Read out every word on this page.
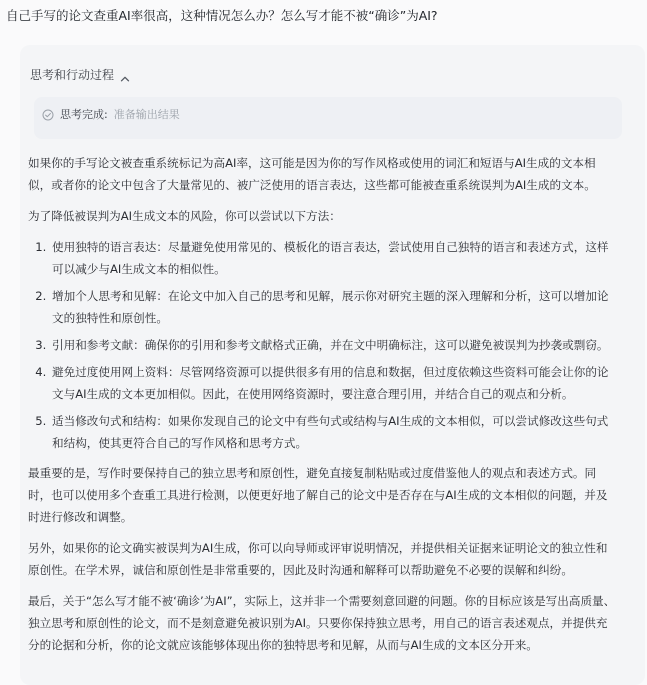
自己手写的论文查重AI率很高，这种情况怎么办？怎么写才能不被“确诊”为AI?
思考和行动过程
思考完成: 准备输出结果

如果你的手写论文被查重系统标记为高AI率，这可能是因为你的写作风格或使用的词汇和短语与AI生成的文本相似，或者你的论文中包含了大量常见的、被广泛使用的语言表达，这些都可能被查重系统误判为AI生成的文本。

为了降低被误判为AI生成文本的风险，你可以尝试以下方法：

1. 使用独特的语言表达：尽量避免使用常见的、模板化的语言表达，尝试使用自己独特的语言和表述方式，这样可以减少与AI生成文本的相似性。
2. 增加个人思考和见解：在论文中加入自己的思考和见解，展示你对研究主题的深入理解和分析，这可以增加论文的独特性和原创性。
3. 引用和参考文献：确保你的引用和参考文献格式正确，并在文中明确标注，这可以避免被误判为抄袭或剽窃。
4. 避免过度使用网上资料：尽管网络资源可以提供很多有用的信息和数据，但过度依赖这些资料可能会让你的论文与AI生成的文本更加相似。因此，在使用网络资源时，要注意合理引用，并结合自己的观点和分析。
5. 适当修改句式和结构：如果你发现自己的论文中有些句式或结构与AI生成的文本相似，可以尝试修改这些句式和结构，使其更符合自己的写作风格和思考方式。

最重要的是，写作时要保持自己的独立思考和原创性，避免直接复制粘贴或过度借鉴他人的观点和表述方式。同时，也可以使用多个查重工具进行检测，以便更好地了解自己的论文中是否存在与AI生成的文本相似的问题，并及时进行修改和调整。

另外，如果你的论文确实被误判为AI生成，你可以向导师或评审说明情况，并提供相关证据来证明论文的独立性和原创性。在学术界，诚信和原创性是非常重要的，因此及时沟通和解释可以帮助避免不必要的误解和纠纷。

最后，关于“怎么写才能不被‘确诊’为AI”，实际上，这并非一个需要刻意回避的问题。你的目标应该是写出高质量、独立思考和原创性的论文，而不是刻意避免被识别为AI。只要你保持独立思考，用自己的语言表述观点，并提供充分的论据和分析，你的论文就应该能够体现出你的独特思考和见解，从而与AI生成的文本区分开来。
